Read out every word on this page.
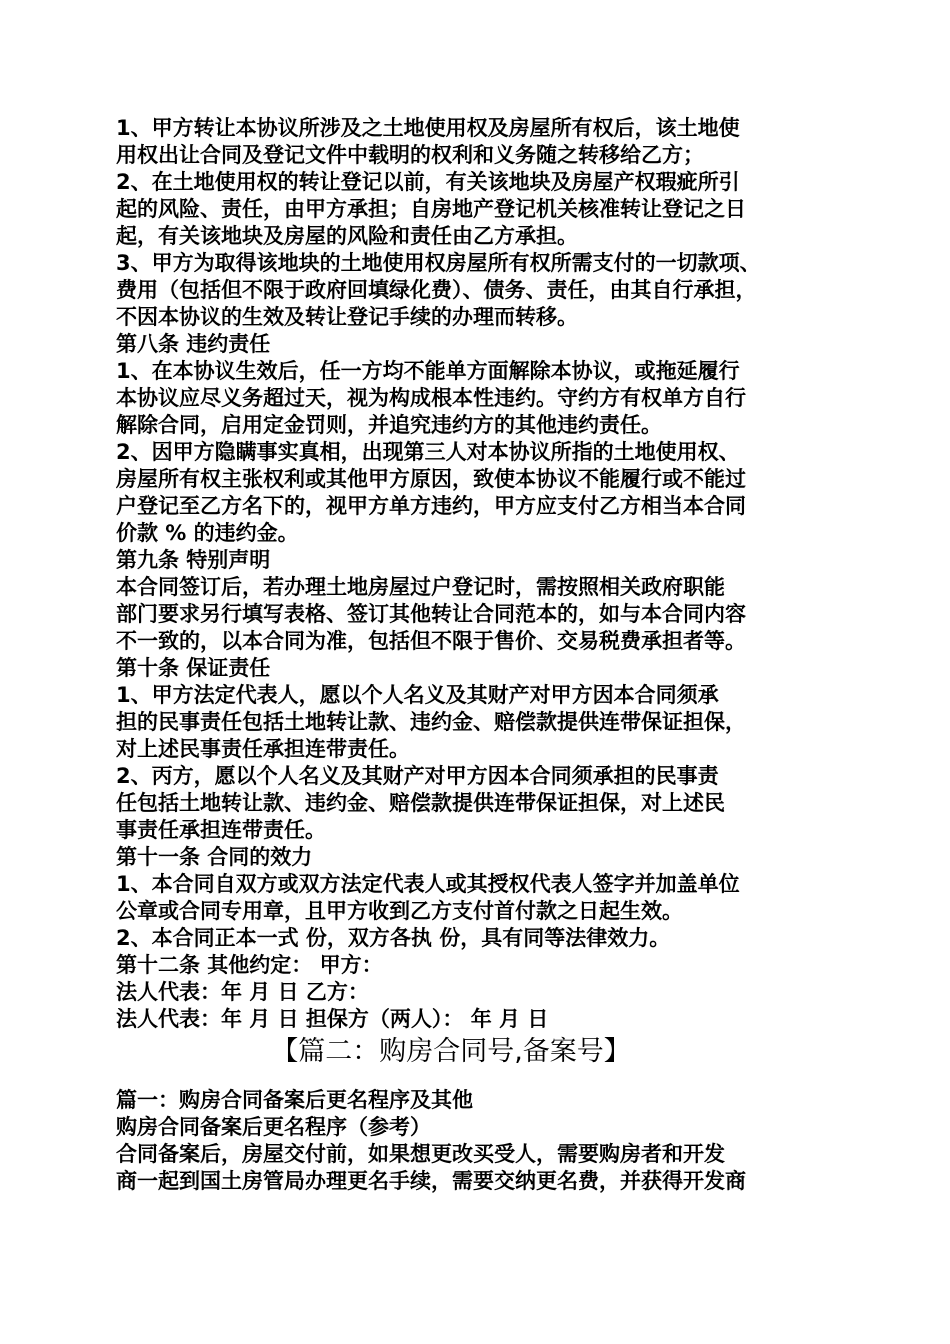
1、甲方转让本协议所涉及之土地使用权及房屋所有权后，该土地使
用权出让合同及登记文件中载明的权利和义务随之转移给乙方；
2、在土地使用权的转让登记以前，有关该地块及房屋产权瑕疵所引
起的风险、责任，由甲方承担；自房地产登记机关核准转让登记之日
起，有关该地块及房屋的风险和责任由乙方承担。
3、甲方为取得该地块的土地使用权房屋所有权所需支付的一切款项、
费用（包括但不限于政府回填绿化费）、债务、责任，由其自行承担，
不因本协议的生效及转让登记手续的办理而转移。
第八条 违约责任
1、在本协议生效后，任一方均不能单方面解除本协议，或拖延履行
本协议应尽义务超过天，视为构成根本性违约。守约方有权单方自行
解除合同，启用定金罚则，并追究违约方的其他违约责任。
2、因甲方隐瞒事实真相，出现第三人对本协议所指的土地使用权、
房屋所有权主张权利或其他甲方原因，致使本协议不能履行或不能过
户登记至乙方名下的，视甲方单方违约，甲方应支付乙方相当本合同
价款 % 的违约金。
第九条 特别声明
本合同签订后，若办理土地房屋过户登记时，需按照相关政府职能
部门要求另行填写表格、签订其他转让合同范本的，如与本合同内容
不一致的，以本合同为准，包括但不限于售价、交易税费承担者等。
第十条 保证责任
1、甲方法定代表人，愿以个人名义及其财产对甲方因本合同须承
担的民事责任包括土地转让款、违约金、赔偿款提供连带保证担保，
对上述民事责任承担连带责任。
2、丙方，愿以个人名义及其财产对甲方因本合同须承担的民事责
任包括土地转让款、违约金、赔偿款提供连带保证担保，对上述民
事责任承担连带责任。
第十一条 合同的效力
1、本合同自双方或双方法定代表人或其授权代表人签字并加盖单位
公章或合同专用章，且甲方收到乙方支付首付款之日起生效。
2、本合同正本一式 份，双方各执 份，具有同等法律效力。
第十二条 其他约定： 甲方：
法人代表：年 月 日 乙方：
法人代表：年 月 日 担保方（两人）： 年 月 日
【篇二：购房合同号,备案号】
篇一：购房合同备案后更名程序及其他
购房合同备案后更名程序（参考）
合同备案后，房屋交付前，如果想更改买受人，需要购房者和开发
商一起到国土房管局办理更名手续，需要交纳更名费，并获得开发商
